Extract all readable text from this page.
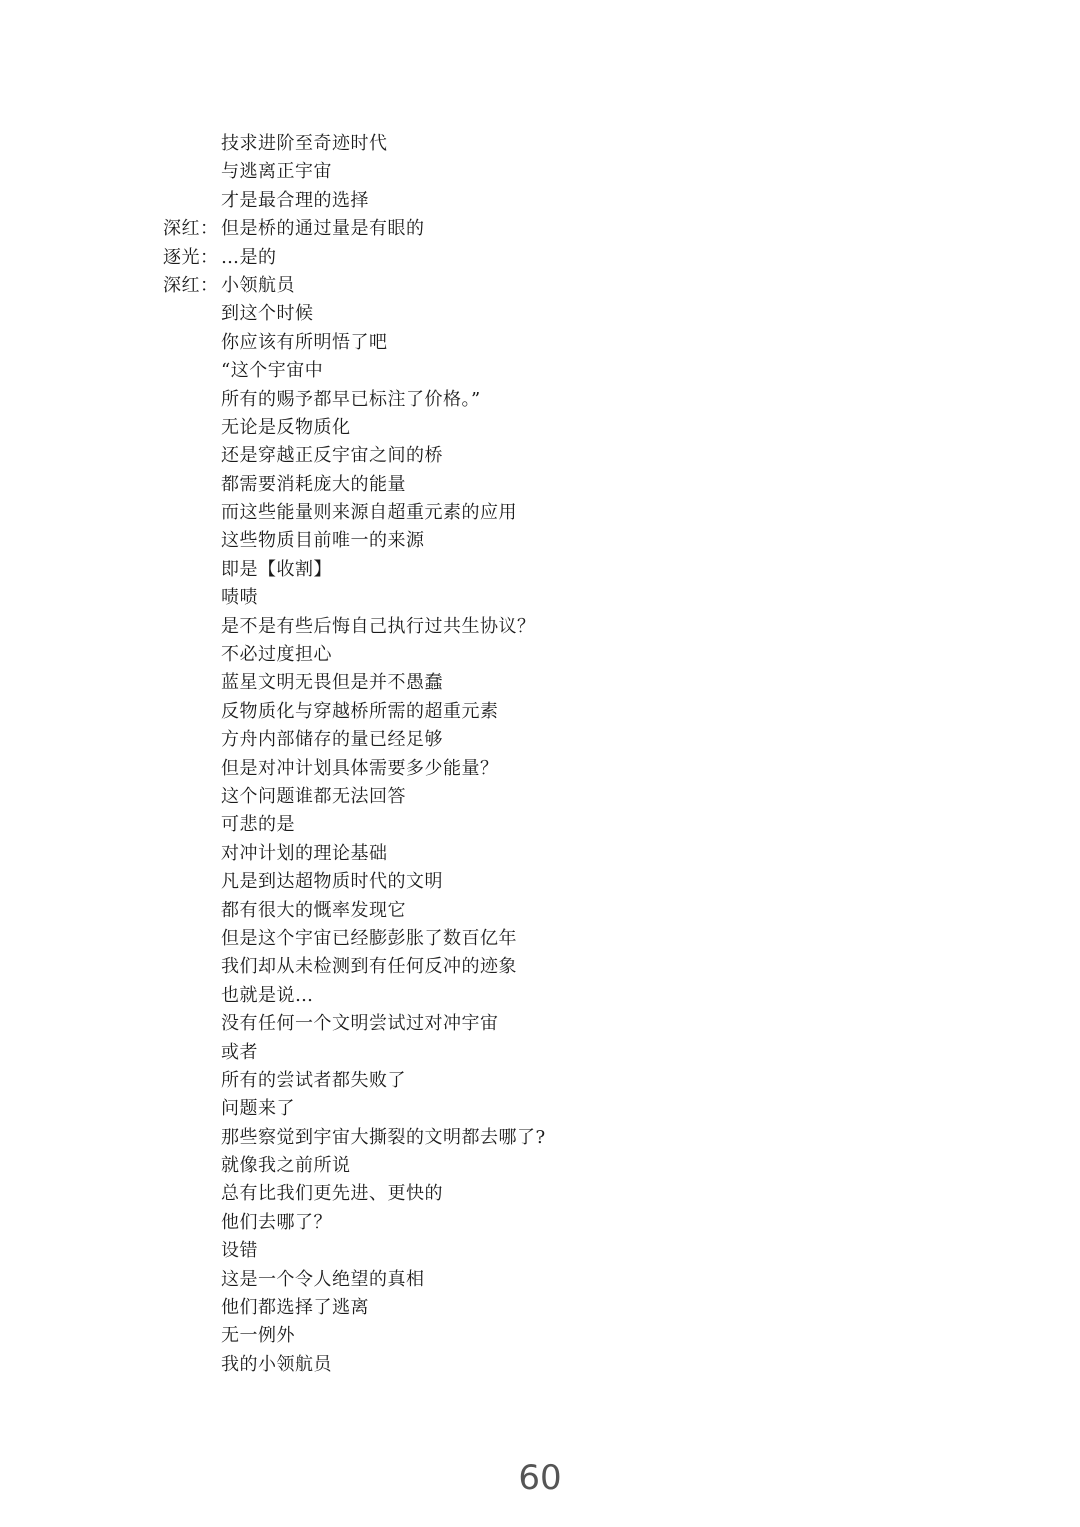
技求进阶至奇迹时代
与逃离正宇宙
才是最合理的选择
深红： 但是桥的通过量是有眼的
逐光： …是的
深红： 小领航员
到这个时候
你应该有所明悟了吧
“这个宇宙中
所有的赐予都早已标注了价格。”
无论是反物质化
还是穿越正反宇宙之间的桥
都需要消耗庞大的能量
而这些能量则来源自超重元素的应用
这些物质目前唯一的来源
即是【收割】
啧啧
是不是有些后悔自己执行过共生协议？
不必过度担心
蓝星文明无畏但是并不愚蠢
反物质化与穿越桥所需的超重元素
方舟内部储存的量已经足够
但是对冲计划具体需要多少能量？
这个问题谁都无法回答
可悲的是
对冲计划的理论基础
凡是到达超物质时代的文明
都有很大的慨率发现它
但是这个宇宙已经膨彭胀了数百亿年
我们却从未检测到有任何反冲的迹象
也就是说…
没有任何一个文明尝试过对冲宇宙
或者
所有的尝试者都失败了
问题来了
那些察觉到宇宙大撕裂的文明都去哪了?
就像我之前所说
总有比我们更先进、更快的
他们去哪了？
设错
这是一个令人绝望的真相
他们都选择了逃离
无一例外
我的小领航员
60
